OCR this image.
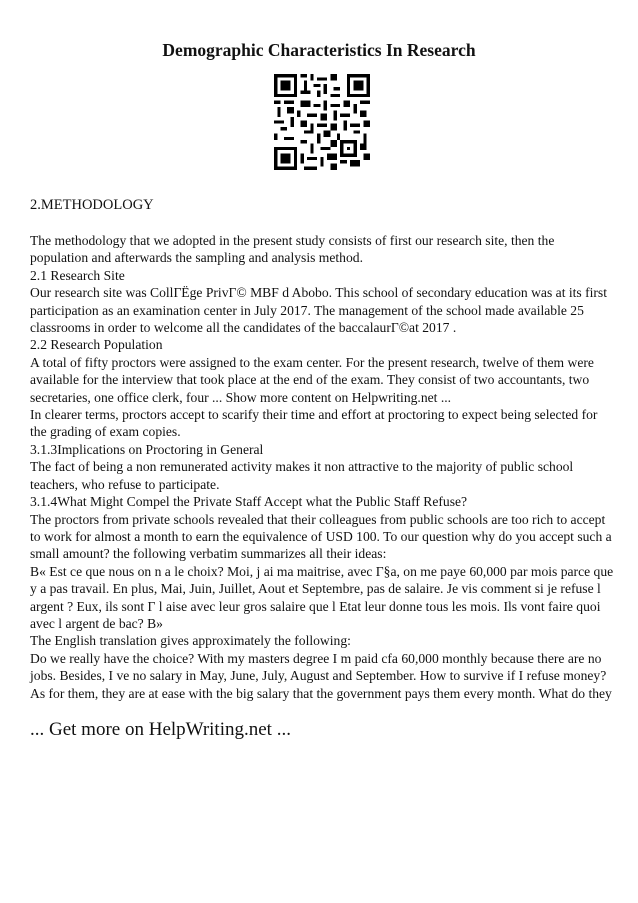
Demographic Characteristics In Research

2.METHODOLOGY

The methodology that we adopted in the present study consists of first our research site, then the population and afterwards the sampling and analysis method.

2.1 Research Site

Our research site was CollΓËge PrivΓ© MBF d Abobo. This school of secondary education was at its first participation as an examination center in July 2017. The management of the school made available 25 classrooms in order to welcome all the candidates of the baccalaurΓ©at 2017 .

2.2 Research Population

A total of fifty proctors were assigned to the exam center. For the present research, twelve of them were available for the interview that took place at the end of the exam. They consist of two accountants, two secretaries, one office clerk, four ... Show more content on Helpwriting.net ...

In clearer terms, proctors accept to scarify their time and effort at proctoring to expect being selected for the grading of exam copies.

3.1.3Implications on Proctoring in General

The fact of being a non remunerated activity makes it non attractive to the majority of public school teachers, who refuse to participate.

3.1.4What Might Compel the Private Staff Accept what the Public Staff Refuse?

The proctors from private schools revealed that their colleagues from public schools are too rich to accept to work for almost a month to earn the equivalence of USD 100. To our question why do you accept such a small amount? the following verbatim summarizes all their ideas:

B« Est ce que nous on n a le choix? Moi, j ai ma maitrise, avec Γ§a, on me paye 60,000 par mois parce que y a pas travail. En plus, Mai, Juin, Juillet, Aout et Septembre, pas de salaire. Je vis comment si je refuse l argent ? Eux, ils sont Γ l aise avec leur gros salaire que l Etat leur donne tous les mois. Ils vont faire quoi avec l argent de bac? B»

The English translation gives approximately the following:

Do we really have the choice? With my masters degree I m paid cfa 60,000 monthly because there are no jobs. Besides, I ve no salary in May, June, July, August and September. How to survive if I refuse money? As for them, they are at ease with the big salary that the government pays them every month. What do they

... Get more on HelpWriting.net ...
